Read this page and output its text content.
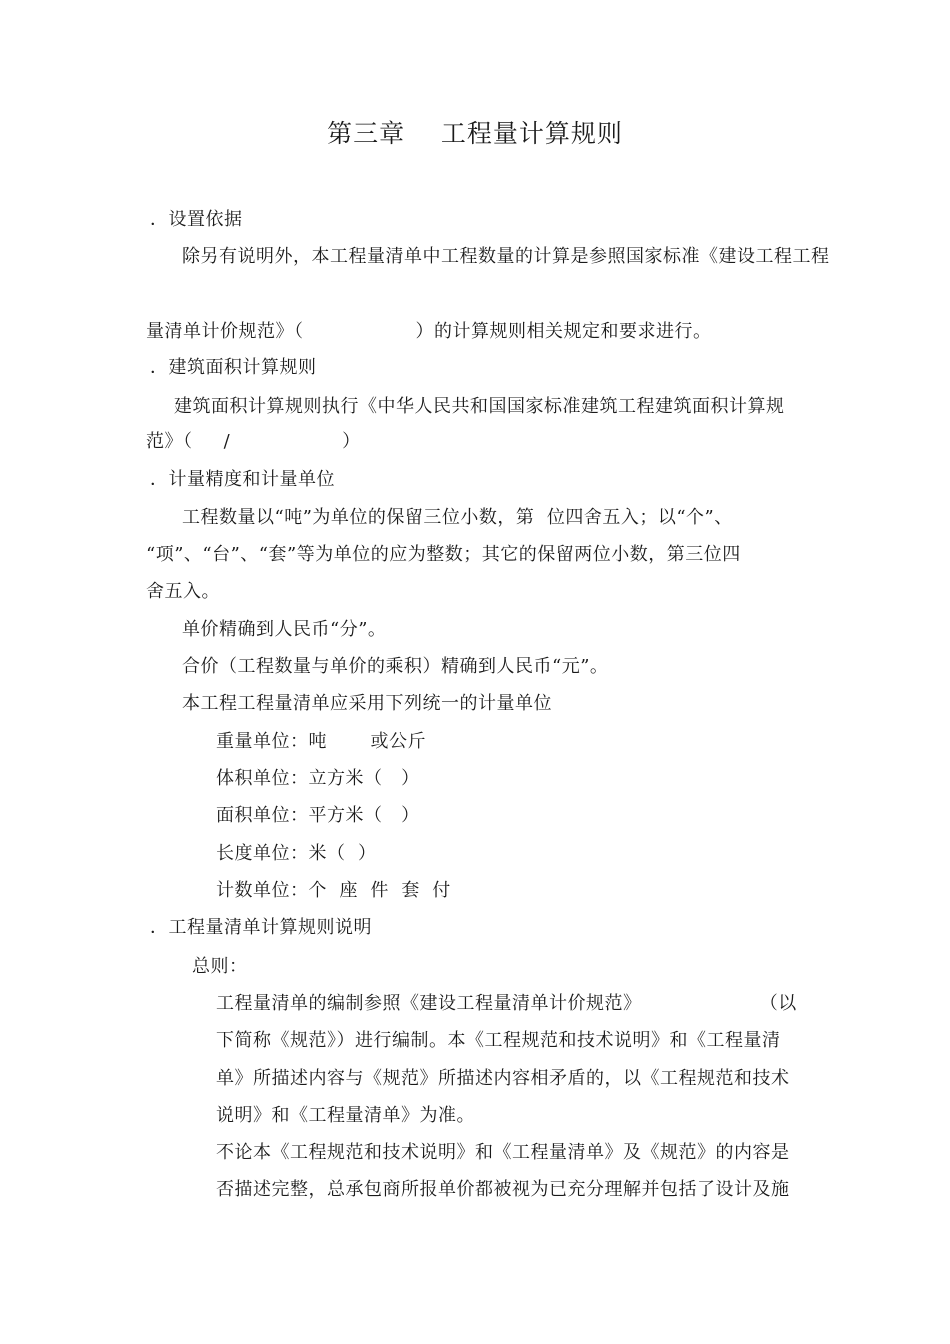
第三章    工程量计算规则
．设置依据
除另有说明外，本工程量清单中工程数量的计算是参照国家标准《建设工程工程
量清单计价规范》（                  ）的计算规则相关规定和要求进行。
．建筑面积计算规则
建筑面积计算规则执行《中华人民共和国国家标准建筑工程建筑面积计算规
范》（     /                  ）
．计量精度和计量单位
工程数量以“吨”为单位的保留三位小数，第  位四舍五入；以“个”、
“项”、“台”、“套”等为单位的应为整数；其它的保留两位小数，第三位四
舍五入。
单价精确到人民币“分”。
合价（工程数量与单价的乘积）精确到人民币“元”。
本工程工程量清单应采用下列统一的计量单位
重量单位：吨       或公斤
体积单位：立方米（   ）
面积单位：平方米（   ）
长度单位：米（  ）
计数单位：个  座  件  套  付
．工程量清单计算规则说明
总则：
工程量清单的编制参照《建设工程量清单计价规范》                   （以
下简称《规范》）进行编制。本《工程规范和技术说明》和《工程量清
单》所描述内容与《规范》所描述内容相矛盾的，以《工程规范和技术
说明》和《工程量清单》为准。
不论本《工程规范和技术说明》和《工程量清单》及《规范》的内容是
否描述完整，总承包商所报单价都被视为已充分理解并包括了设计及施
